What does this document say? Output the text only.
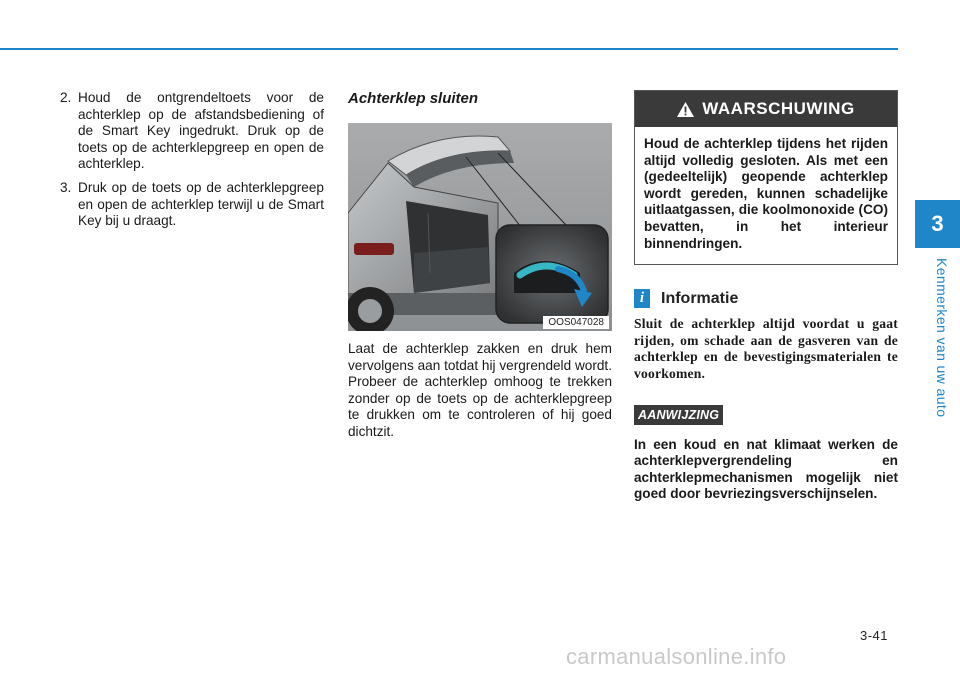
3
Kenmerken van uw auto
2. Houd de ontgrendeltoets voor de achterklep op de afstandsbediening of de Smart Key ingedrukt. Druk op de toets op de achterklepgreep en open de achterklep.
3. Druk op de toets op de achterklepgreep en open de achterklep terwijl u de Smart Key bij u draagt.
Achterklep sluiten
OOS047028
Laat de achterklep zakken en druk hem vervolgens aan totdat hij vergrendeld wordt. Probeer de achterklep omhoog te trekken zonder op de toets op de achterklepgreep te drukken om te controleren of hij goed dichtzit.
WAARSCHUWING
Houd de achterklep tijdens het rijden altijd volledig gesloten. Als met een (gedeeltelijk) geopende achterklep wordt gereden, kunnen schadelijke uitlaatgassen, die koolmonoxide (CO) bevatten, in het interieur binnendringen.
i	Informatie
Sluit de achterklep altijd voordat u gaat rijden, om schade aan de gasveren van de achterklep en de bevestigingsmaterialen te voorkomen.
AANWIJZING
In een koud en nat klimaat werken de achterklepvergrendeling en achterklepmechanismen mogelijk niet goed door bevriezingsverschijnselen.
3-41
carmanualsonline.info
